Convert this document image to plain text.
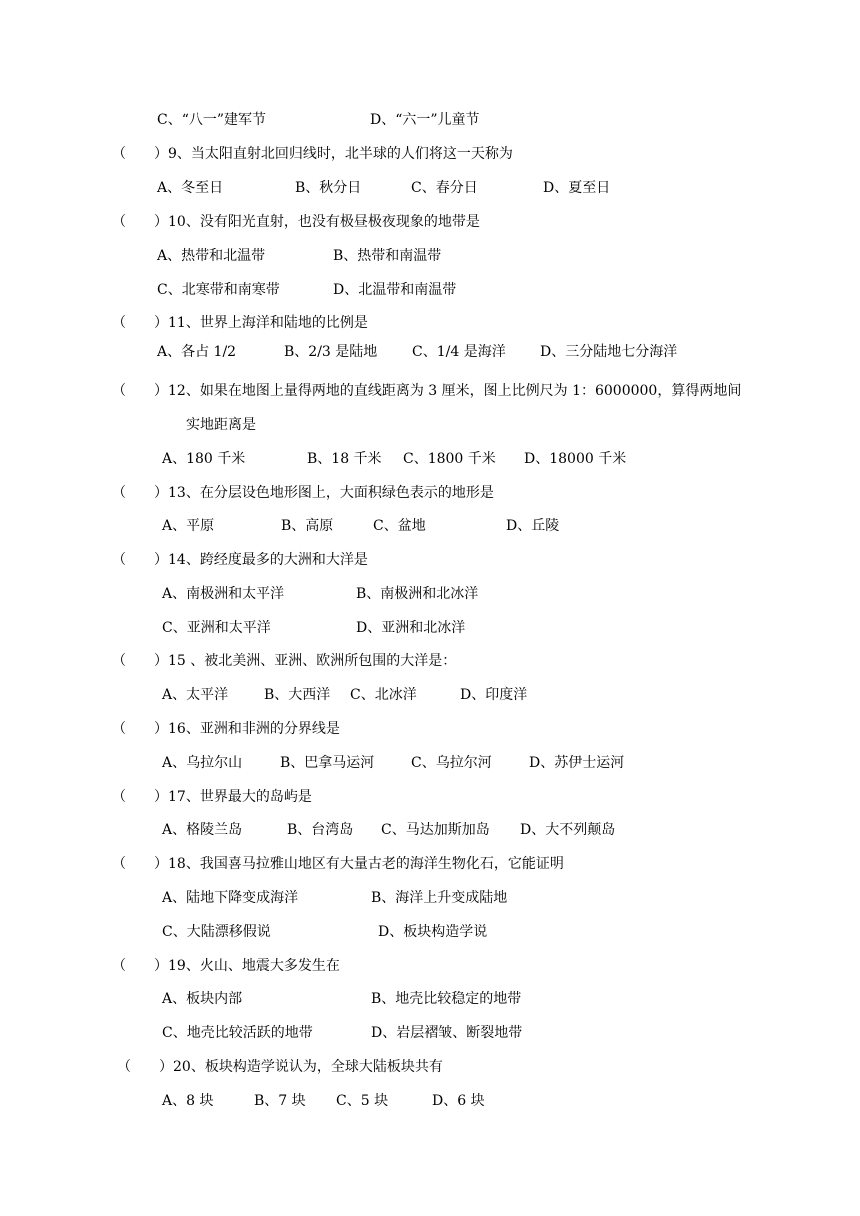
C、“八一”建军节	D、“六一”儿童节
（　　）9、当太阳直射北回归线时，北半球的人们将这一天称为
A、冬至日	B、秋分日	C、春分日	D、夏至日
（　　）10、没有阳光直射，也没有极昼极夜现象的地带是
A、热带和北温带	B、热带和南温带
C、北寒带和南寒带	D、北温带和南温带
（　　）11、世界上海洋和陆地的比例是
A、各占 1/2	B、2/3 是陆地 C、1/4 是海洋 D、三分陆地七分海洋
（　　）12、如果在地图上量得两地的直线距离为 3 厘米，图上比例尺为 1：6000000，算得两地间
实地距离是
A、180 千米	B、18 千米 C、1800 千米 D、18000 千米
（　　）13、在分层设色地形图上，大面积绿色表示的地形是
A、平原	B、高原	C、盆地	D、丘陵
（　　）14、跨经度最多的大洲和大洋是
A、南极洲和太平洋	B、南极洲和北冰洋
C、亚洲和太平洋	D、亚洲和北冰洋
（　　）15 、被北美洲、亚洲、欧洲所包围的大洋是：
A、太平洋	B、大西洋 C、北冰洋	D、印度洋
（　　）16、亚洲和非洲的分界线是
A、乌拉尔山	B、巴拿马运河	C、乌拉尔河	D、苏伊士运河
（　　）17、世界最大的岛屿是
A、格陵兰岛	B、台湾岛 C、马达加斯加岛 D、大不列颠岛
（　　）18、我国喜马拉雅山地区有大量古老的海洋生物化石，它能证明
A、陆地下降变成海洋	B、海洋上升变成陆地
C、大陆漂移假说	D、板块构造学说
（　　）19、火山、地震大多发生在
A、板块内部	B、地壳比较稳定的地带
C、地壳比较活跃的地带	D、岩层褶皱、断裂地带
（　　）20、板块构造学说认为，全球大陆板块共有
A、8 块	B、7 块 C、5 块	D、6 块
